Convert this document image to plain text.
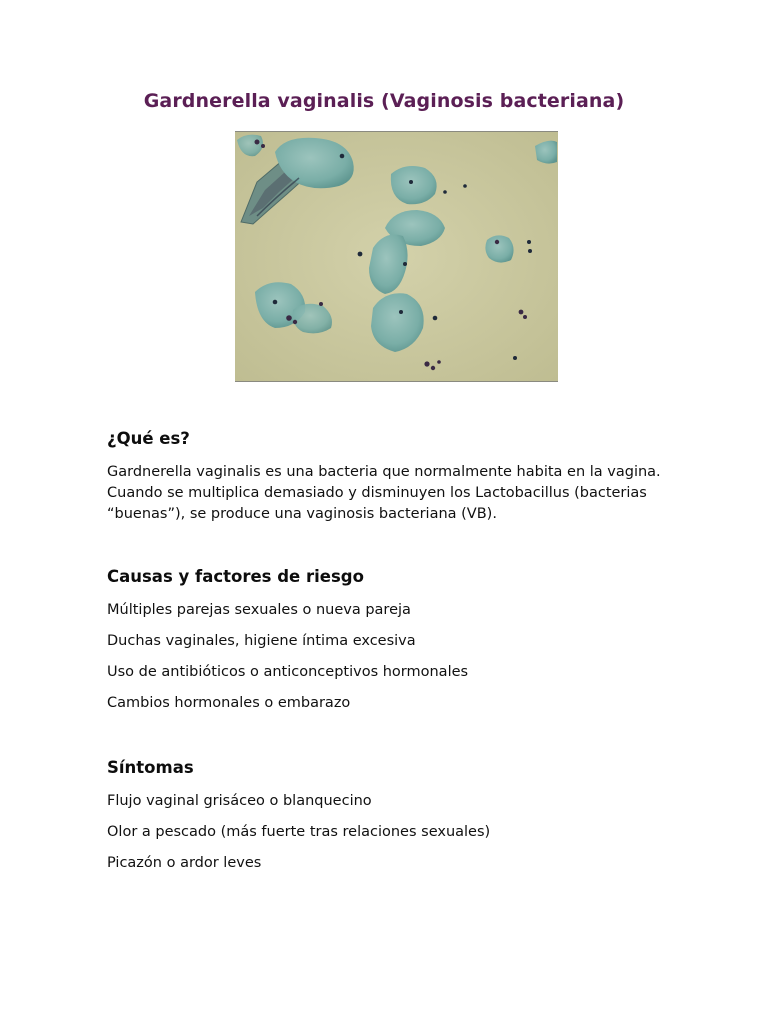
Gardnerella vaginalis (Vaginosis bacteriana)
¿Qué es?

Gardnerella vaginalis es una bacteria que normalmente habita en la vagina. Cuando se multiplica demasiado y disminuyen los Lactobacillus (bacterias “buenas”), se produce una vaginosis bacteriana (VB).

Causas y factores de riesgo

Múltiples parejas sexuales o nueva pareja

Duchas vaginales, higiene íntima excesiva

Uso de antibióticos o anticonceptivos hormonales

Cambios hormonales o embarazo

Síntomas

Flujo vaginal grisáceo o blanquecino

Olor a pescado (más fuerte tras relaciones sexuales)

Picazón o ardor leves
